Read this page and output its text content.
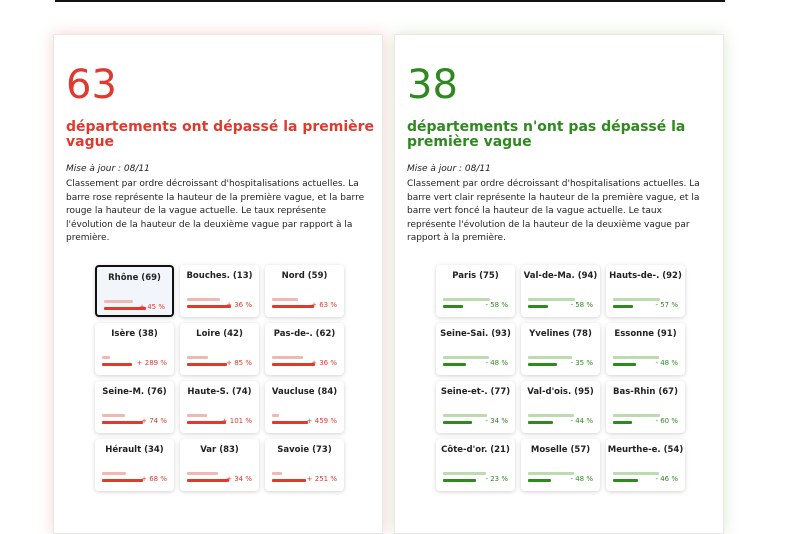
63
départements ont dépassé la première vague
Mise à jour : 08/11
Classement par ordre décroissant d'hospitalisations actuelles. La barre rose représente la hauteur de la première vague, et la barre rouge la hauteur de la vague actuelle. Le taux représente l'évolution de la hauteur de la deuxième vague par rapport à la première.
Rhône (69)
+ 45 %
Bouches. (13)
+ 36 %
Nord (59)
+ 63 %
Isère (38)
+ 289 %
Loire (42)
+ 85 %
Pas-de-. (62)
+ 36 %
Seine-M. (76)
+ 74 %
Haute-S. (74)
+ 101 %
Vaucluse (84)
+ 459 %
Hérault (34)
+ 68 %
Var (83)
+ 34 %
Savoie (73)
+ 251 %
38
départements n'ont pas dépassé la première vague
Mise à jour : 08/11
Classement par ordre décroissant d'hospitalisations actuelles. La barre vert clair représente la hauteur de la première vague, et la barre vert foncé la hauteur de la vague actuelle. Le taux représente l'évolution de la hauteur de la deuxième vague par rapport à la première.
Paris (75)
- 58 %
Val-de-Ma. (94)
- 58 %
Hauts-de-. (92)
- 57 %
Seine-Sai. (93)
- 48 %
Yvelines (78)
- 35 %
Essonne (91)
- 48 %
Seine-et-. (77)
- 34 %
Val-d'ois. (95)
- 44 %
Bas-Rhin (67)
- 60 %
Côte-d'or. (21)
- 23 %
Moselle (57)
- 48 %
Meurthe-e. (54)
- 46 %
